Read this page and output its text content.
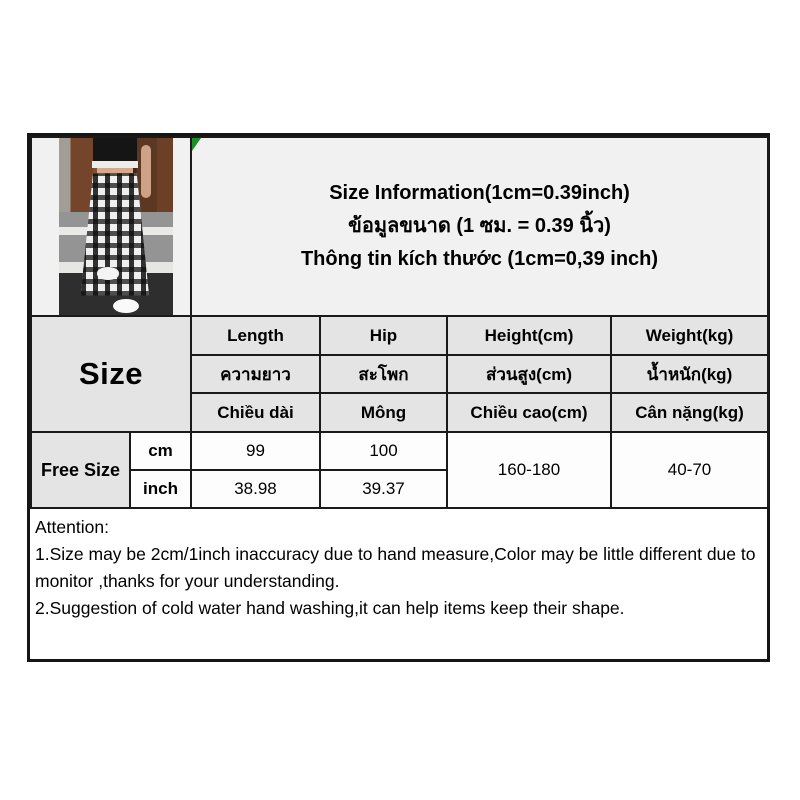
		Size Information(1cm=0.39inch)
ข้อมูลขนาด (1 ซม. = 0.39 นิ้ว)
Thông tin kích thước (1cm=0,39 inch)			

Size		Length	Hip	Height(cm)	Weight(kg)
		ความยาว	สะโพก	ส่วนสูง(cm)	น้ำหนัก(kg)
		Chiều dài	Mông	Chiều cao(cm)	Cân nặng(kg)
Free Size	cm	99	100	160-180	40-70
	inch	38.98	39.37		
Attention:
1.Size may be 2cm/1inch inaccuracy due to hand measure,Color may be little different due to monitor ,thanks for your understanding.
2.Suggestion of cold water hand washing,it can help items keep their shape.
